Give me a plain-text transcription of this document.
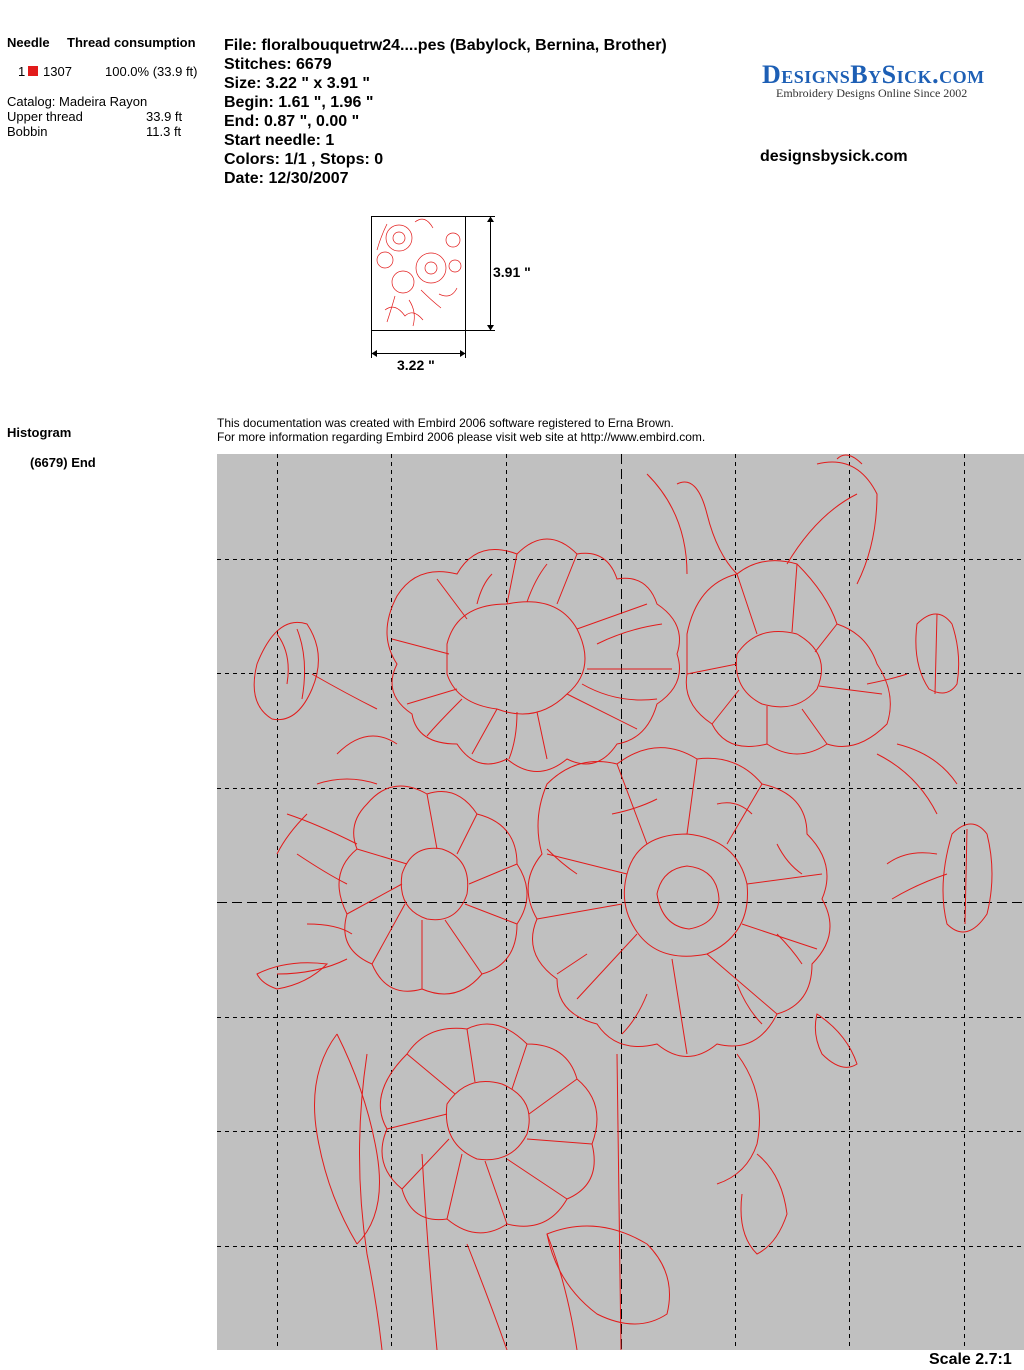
Needle Thread consumption
1 1307	100.0% (33.9 ft)
Catalog: Madeira Rayon
Upper thread	33.9 ft
Bobbin	11.3 ft
File: floralbouquetrw24....pes (Babylock, Bernina, Brother)
Stitches: 6679
Size: 3.22 " x 3.91 "
Begin: 1.61 ", 1.96 "
End: 0.87 ", 0.00 "
Start needle: 1
Colors: 1/1 , Stops: 0
Date: 12/30/2007
DesignsBySick.com
Embroidery Designs Online Since 2002
designsbysick.com
3.91 "
3.22 "
Histogram
(6679) End
This documentation was created with Embird 2006 software registered to Erna Brown.
For more information regarding Embird 2006 please visit web site at http://www.embird.com.
Scale 2.7:1
